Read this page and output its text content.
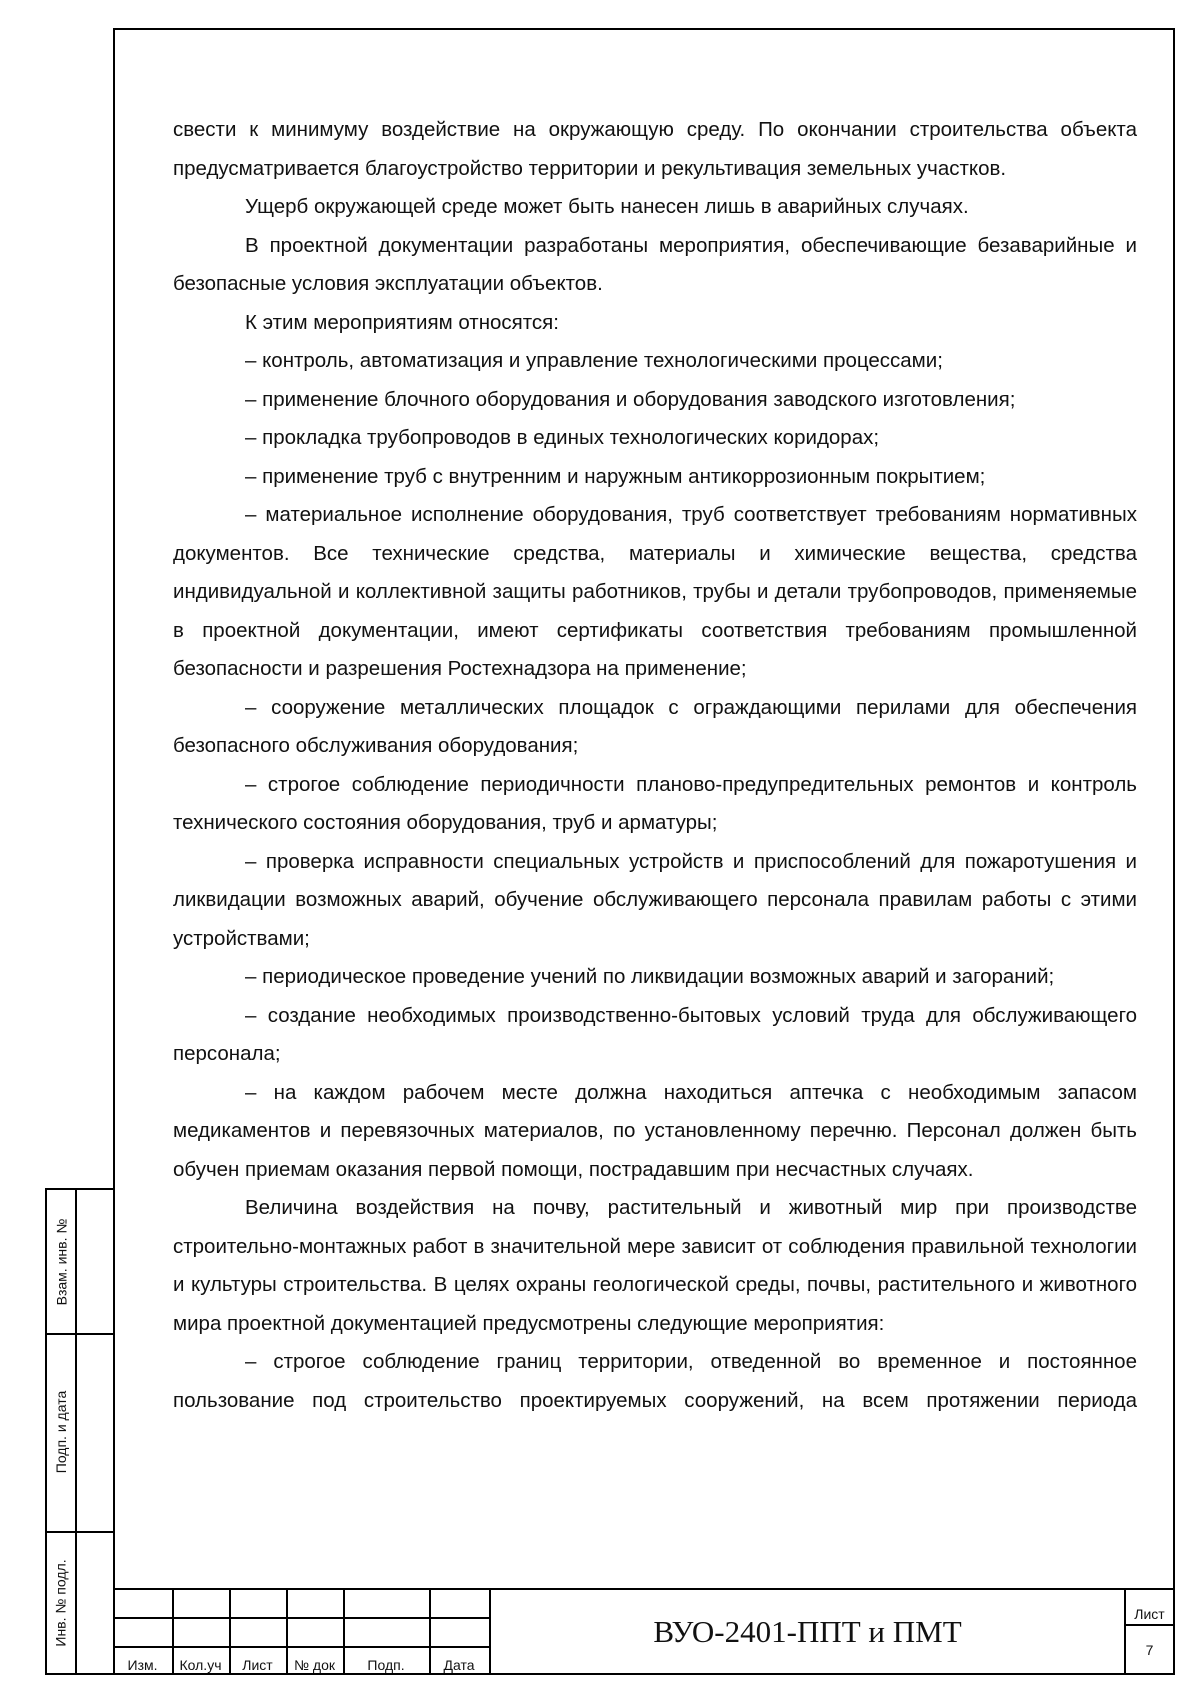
свести к минимуму воздействие на окружающую среду. По окончании строительства объекта предусматривается благоустройство территории и рекультивация земельных участков.

Ущерб окружающей среде может быть нанесен лишь в аварийных случаях.

В проектной документации разработаны мероприятия, обеспечивающие безаварийные и безопасные условия эксплуатации объектов.

К этим мероприятиям относятся:

– контроль, автоматизация и управление технологическими процессами;

– применение блочного оборудования и оборудования заводского изготовления;

– прокладка трубопроводов в единых технологических коридорах;

– применение труб с внутренним и наружным антикоррозионным покрытием;

– материальное исполнение оборудования, труб соответствует требованиям нормативных документов. Все технические средства, материалы и химические вещества, средства индивидуальной и коллективной защиты работников, трубы и детали трубопроводов, применяемые в проектной документации, имеют сертификаты соответствия требованиям промышленной безопасности и разрешения Ростехнадзора на применение;

– сооружение металлических площадок с ограждающими перилами для обеспечения безопасного обслуживания оборудования;

– строгое соблюдение периодичности планово-предупредительных ремонтов и контроль технического состояния оборудования, труб и арматуры;

– проверка исправности специальных устройств и приспособлений для пожаротушения и ликвидации возможных аварий, обучение обслуживающего персонала правилам работы с этими устройствами;

– периодическое проведение учений по ликвидации возможных аварий и загораний;

– создание необходимых производственно-бытовых условий труда для обслуживающего персонала;

– на каждом рабочем месте должна находиться аптечка с необходимым запасом медикаментов и перевязочных материалов, по установленному перечню. Персонал должен быть обучен приемам оказания первой помощи, пострадавшим при несчастных случаях.

Величина воздействия на почву, растительный и животный мир при производстве строительно-монтажных работ в значительной мере зависит от соблюдения правильной технологии и культуры строительства. В целях охраны геологической среды, почвы, растительного и животного мира проектной документацией предусмотрены следующие мероприятия:

– строгое соблюдение границ территории, отведенной во временное и постоянное пользование под строительство проектируемых сооружений, на всем протяжении периода

Взам. инв. №
Подп. и дата
Инв. № подл.
Изм.	Кол.уч	Лист	№ док	Подп.	Дата
ВУО-2401-ППТ и ПМТ	Лист
7
